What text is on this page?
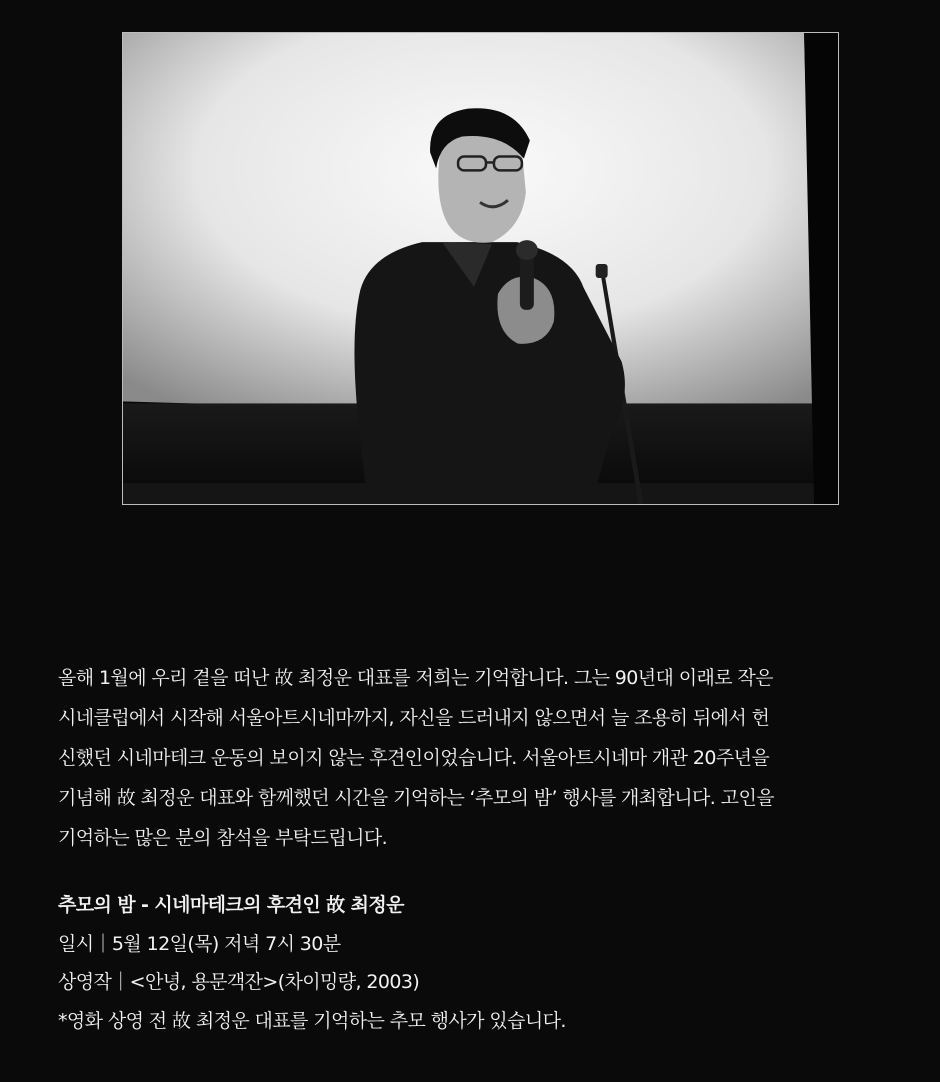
올해 1월에 우리 곁을 떠난 故 최정운 대표를 저희는 기억합니다. 그는 90년대 이래로 작은

시네클럽에서 시작해 서울아트시네마까지, 자신을 드러내지 않으면서 늘 조용히 뒤에서 헌

신했던 시네마테크 운동의 보이지 않는 후견인이었습니다. 서울아트시네마 개관 20주년을

기념해 故 최정운 대표와 함께했던 시간을 기억하는 ‘추모의 밤’ 행사를 개최합니다. 고인을

기억하는 많은 분의 참석을 부탁드립니다.

추모의 밤 - 시네마테크의 후견인 故 최정운

일시｜5월 12일(목) 저녁 7시 30분

상영작｜<안녕, 용문객잔>(차이밍량, 2003)

*영화 상영 전 故 최정운 대표를 기억하는 추모 행사가 있습니다.
